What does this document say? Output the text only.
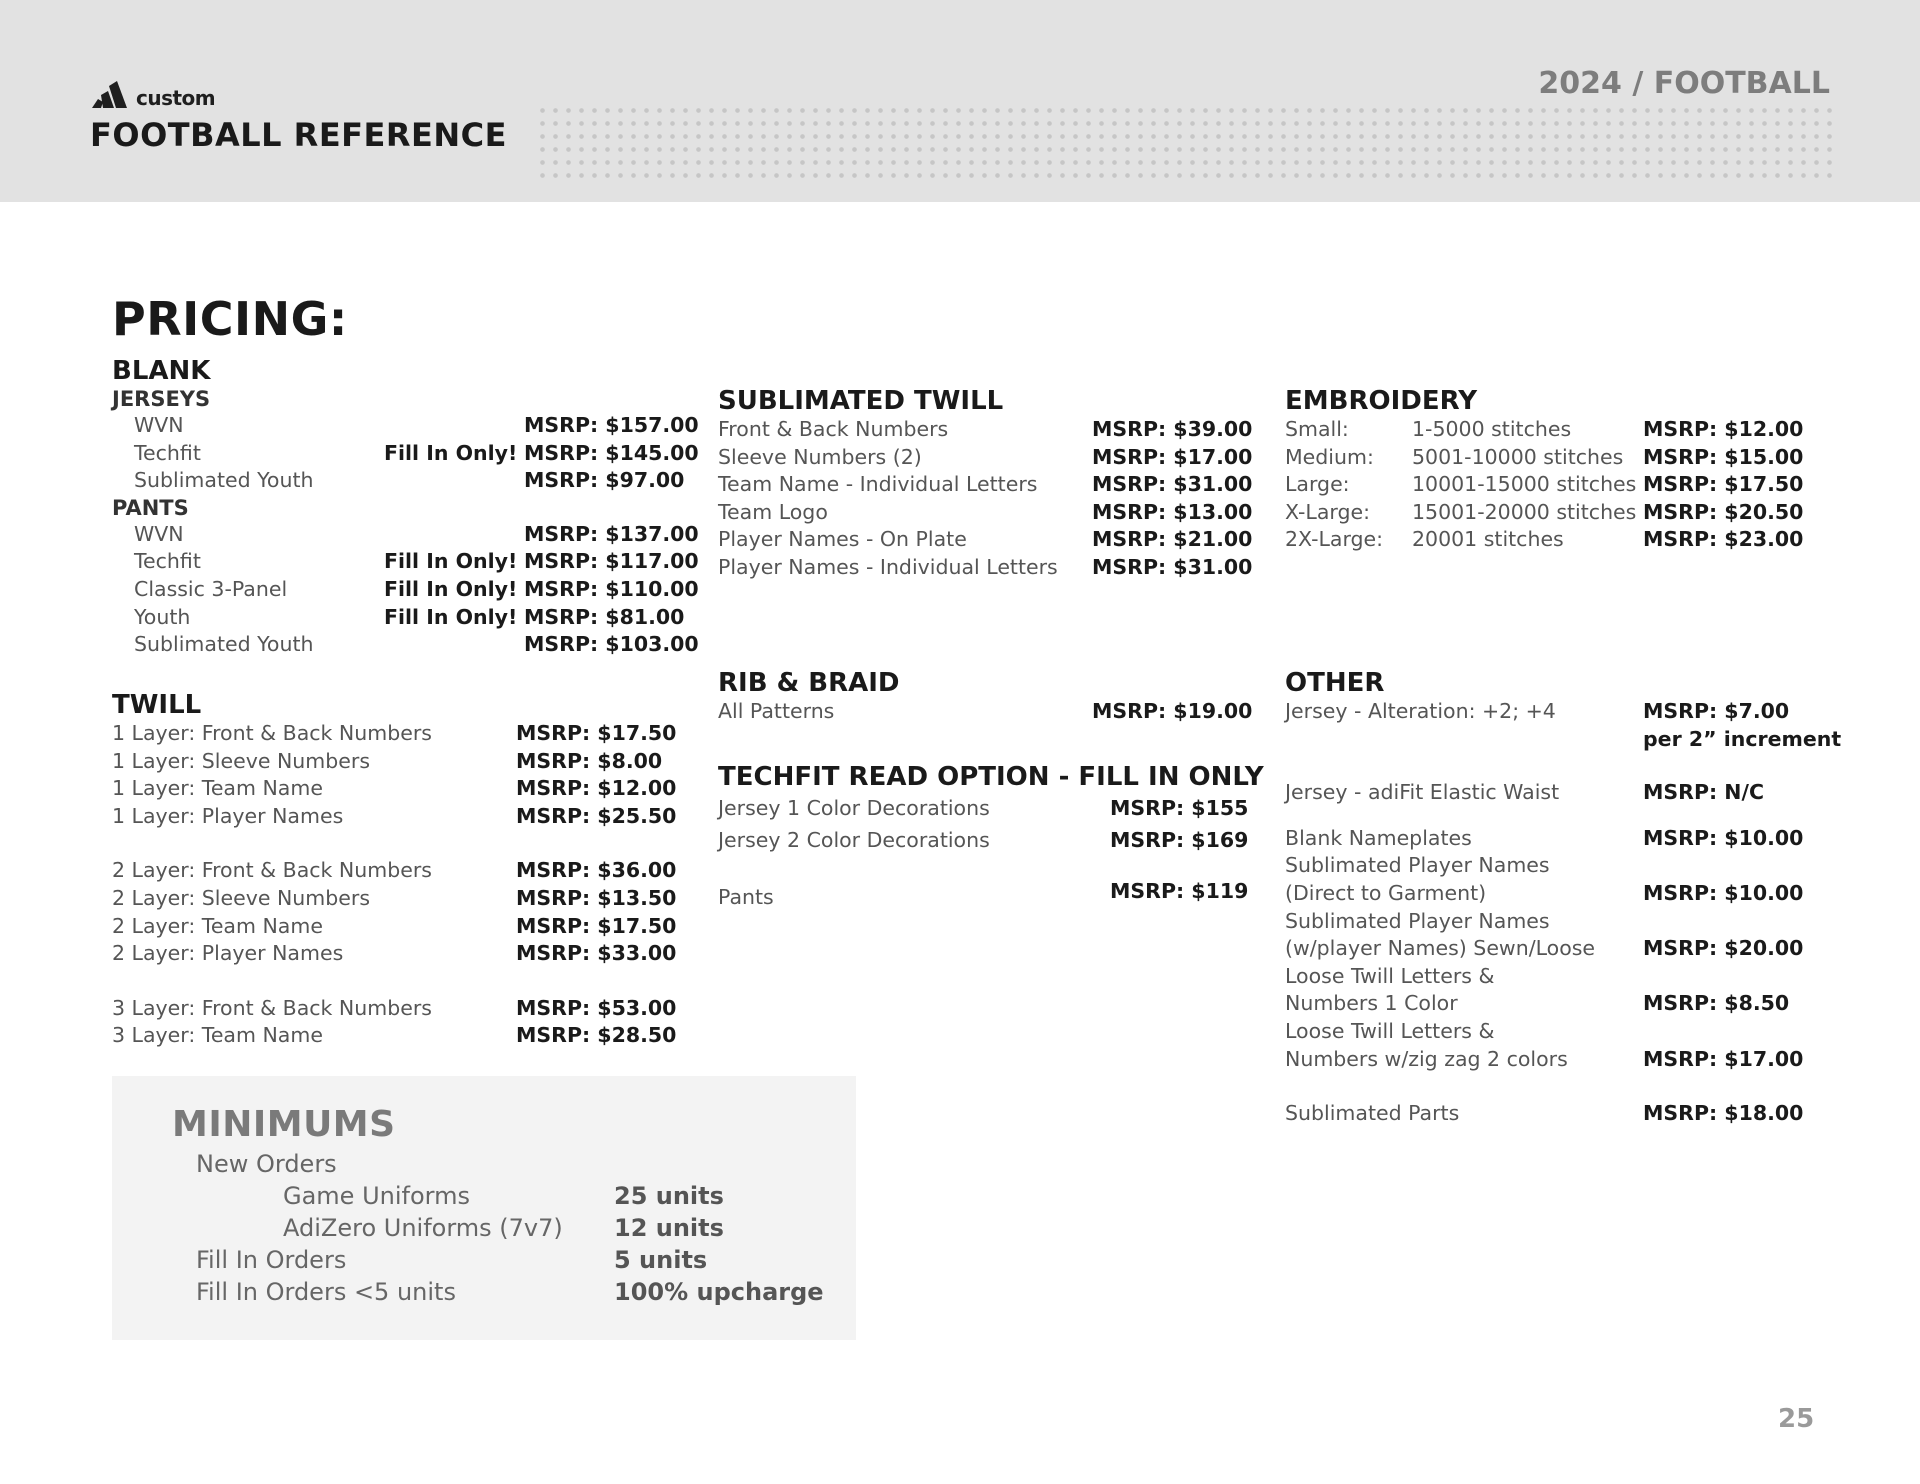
custom
FOOTBALL REFERENCE
2024 / FOOTBALL
PRICING:
BLANK
JERSEYS
WVN	MSRP: $157.00
Techfit	Fill In Only! MSRP: $145.00
Sublimated Youth	MSRP: $97.00
PANTS
WVN	MSRP: $137.00
Techfit	Fill In Only! MSRP: $117.00
Classic 3-Panel	Fill In Only! MSRP: $110.00
Youth	Fill In Only! MSRP: $81.00
Sublimated Youth	MSRP: $103.00
TWILL
1 Layer: Front & Back Numbers	MSRP: $17.50
1 Layer: Sleeve Numbers	MSRP: $8.00
1 Layer: Team Name	MSRP: $12.00
1 Layer: Player Names	MSRP: $25.50
2 Layer: Front & Back Numbers	MSRP: $36.00
2 Layer: Sleeve Numbers	MSRP: $13.50
2 Layer: Team Name	MSRP: $17.50
2 Layer: Player Names	MSRP: $33.00
3 Layer: Front & Back Numbers	MSRP: $53.00
3 Layer: Team Name	MSRP: $28.50
SUBLIMATED TWILL
Front & Back Numbers	MSRP: $39.00
Sleeve Numbers (2)	MSRP: $17.00
Team Name - Individual Letters	MSRP: $31.00
Team Logo	MSRP: $13.00
Player Names - On Plate	MSRP: $21.00
Player Names - Individual Letters	MSRP: $31.00
RIB & BRAID
All Patterns	MSRP: $19.00
TECHFIT READ OPTION - FILL IN ONLY
Jersey 1 Color Decorations	MSRP: $155
Jersey 2 Color Decorations	MSRP: $169
Pants	MSRP: $119
EMBROIDERY
Small:	1-5000 stitches	MSRP: $12.00
Medium:	5001-10000 stitches MSRP: $15.00
Large:	10001-15000 stitches MSRP: $17.50
X-Large:	15001-20000 stitches MSRP: $20.50
2X-Large:	20001 stitches	MSRP: $23.00
OTHER
Jersey - Alteration: +2; +4	MSRP: $7.00
per 2” increment
Jersey - adiFit Elastic Waist	MSRP: N/C
Blank Nameplates	MSRP: $10.00
Sublimated Player Names
(Direct to Garment)	MSRP: $10.00
Sublimated Player Names
(w/player Names) Sewn/Loose	MSRP: $20.00
Loose Twill Letters &
Numbers 1 Color	MSRP: $8.50
Loose Twill Letters &
Numbers w/zig zag 2 colors	MSRP: $17.00
Sublimated Parts	MSRP: $18.00
MINIMUMS
New Orders
Game Uniforms	25 units
AdiZero Uniforms (7v7)	12 units
Fill In Orders	5 units
Fill In Orders <5 units	100% upcharge
25
